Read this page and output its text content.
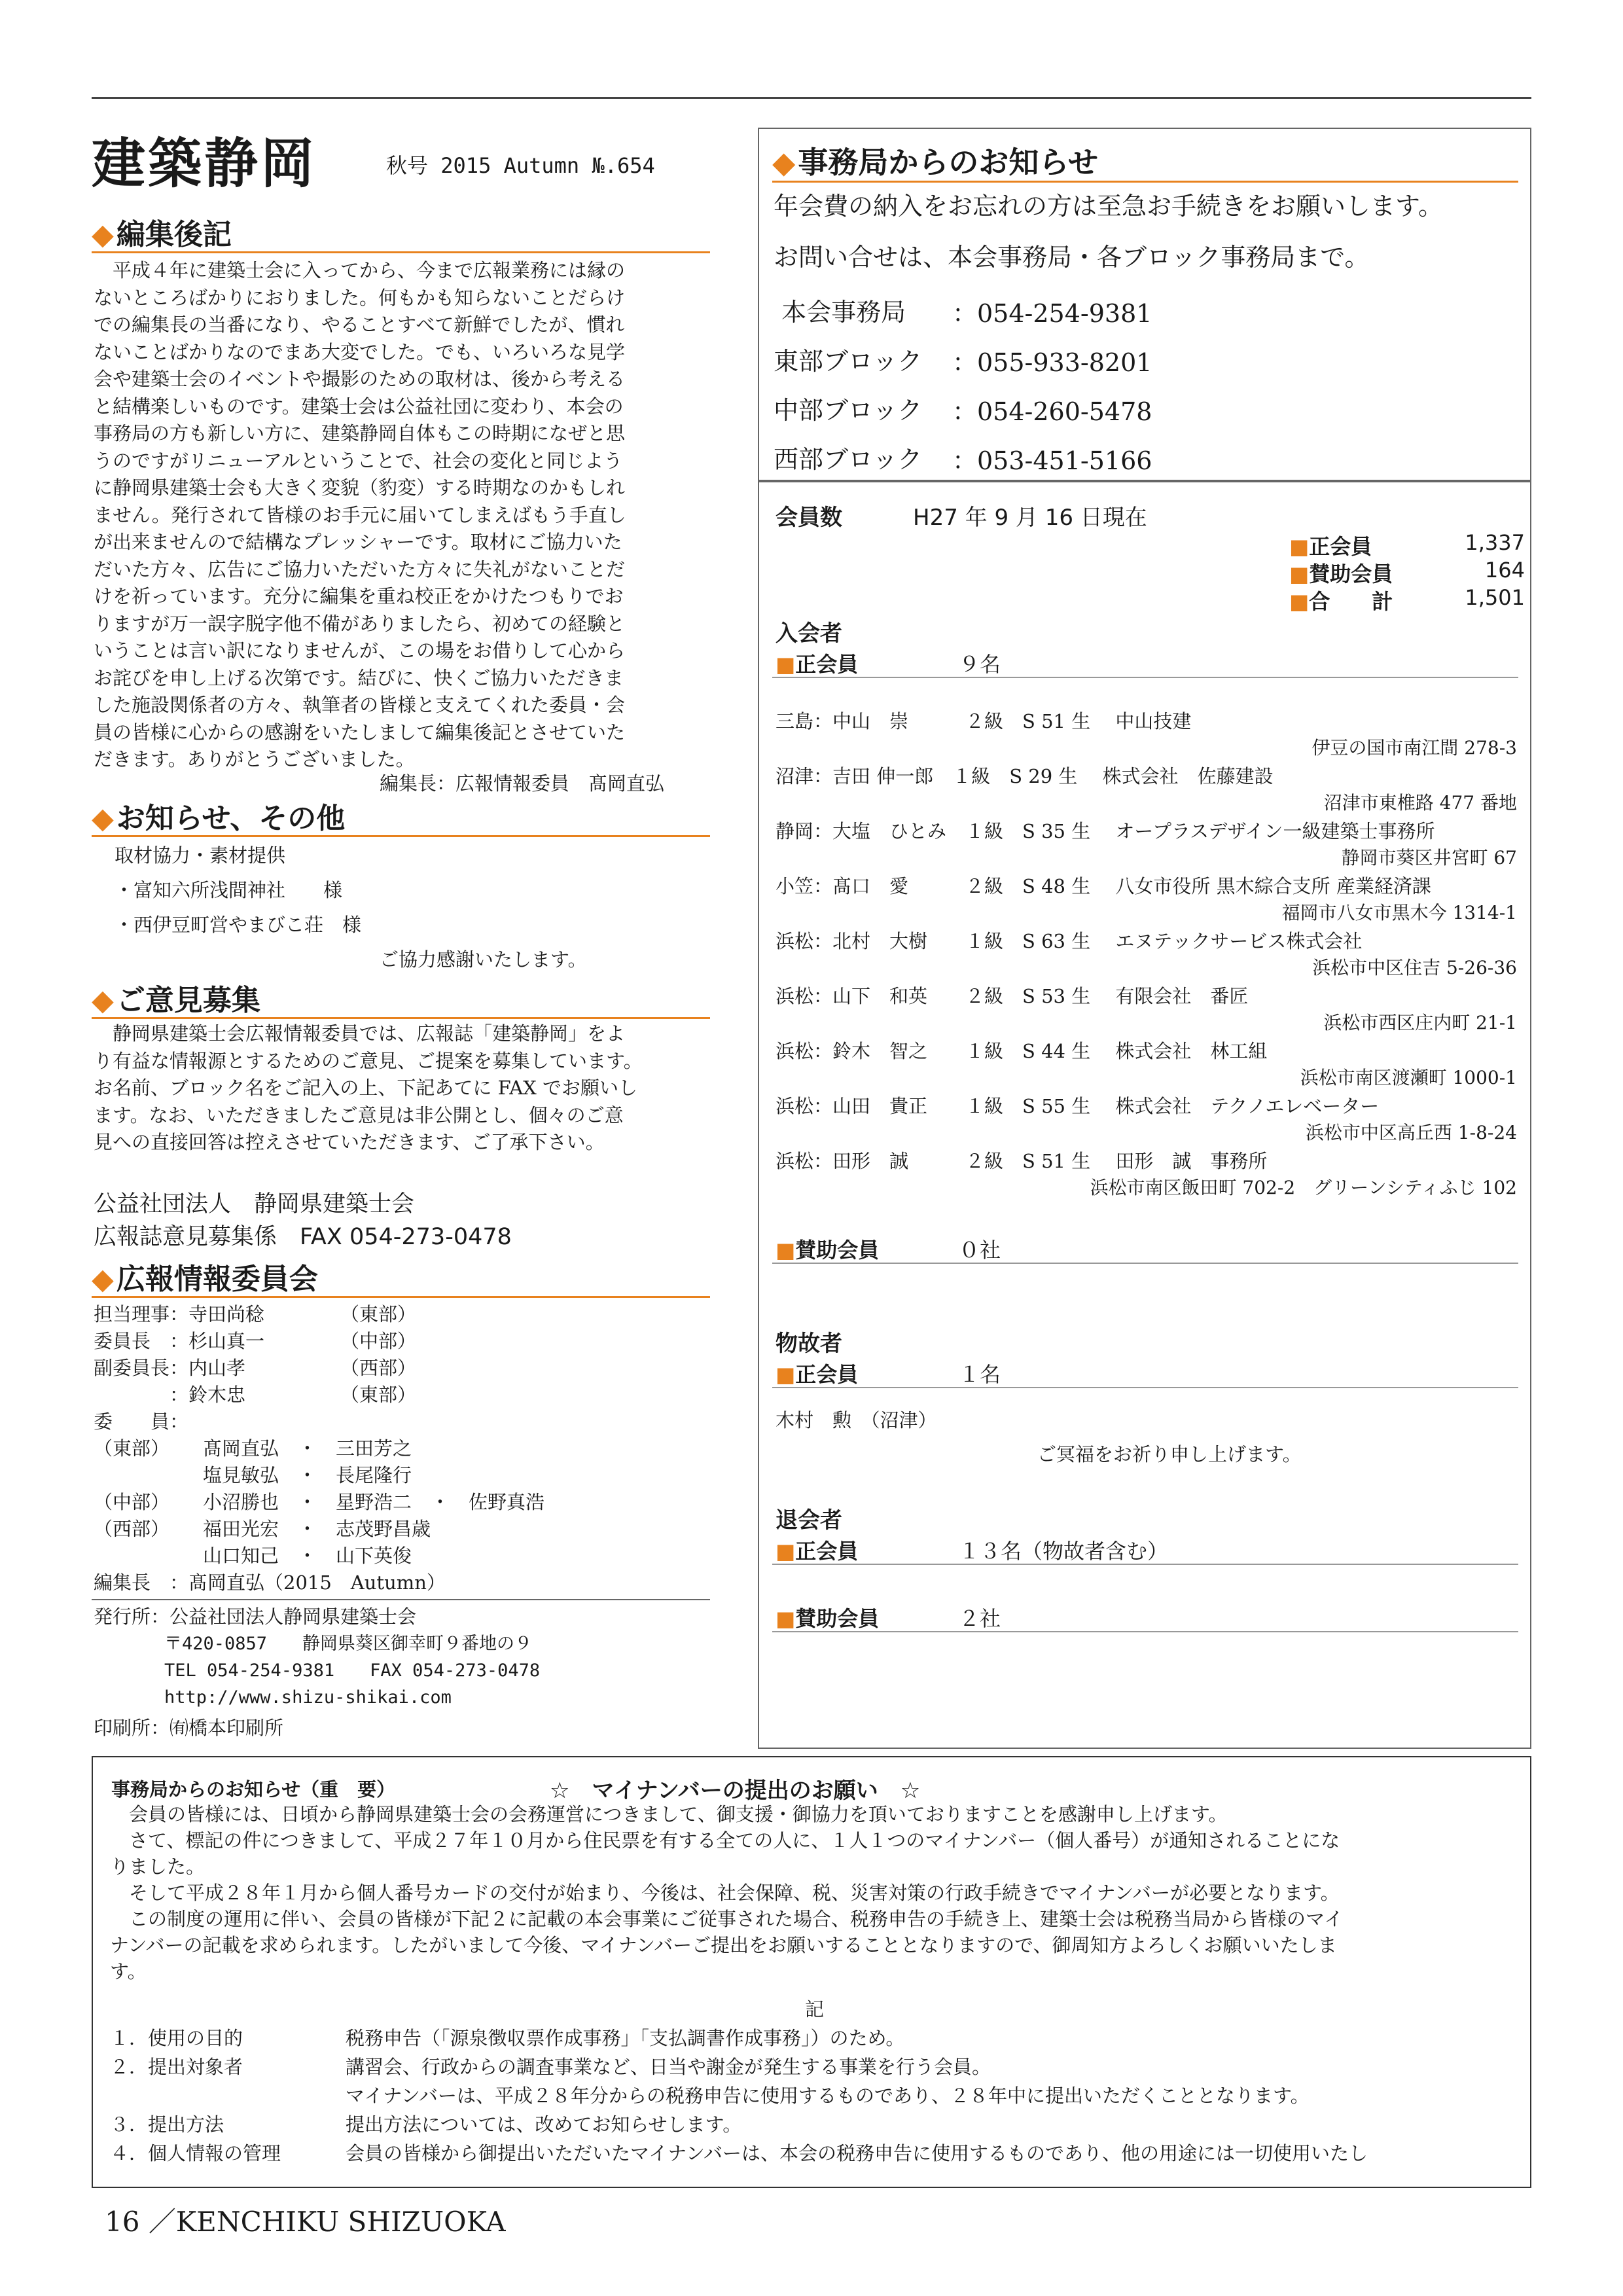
建築静岡	秋号 2015 Autumn №.654
◆編集後記
　平成４年に建築士会に入ってから、今まで広報業務には縁の
ないところばかりにおりました。何もかも知らないことだらけ
での編集長の当番になり、やることすべて新鮮でしたが、慣れ
ないことばかりなのでまあ大変でした。でも、いろいろな見学
会や建築士会のイベントや撮影のための取材は、後から考える
と結構楽しいものです。建築士会は公益社団に変わり、本会の
事務局の方も新しい方に、建築静岡自体もこの時期になぜと思
うのですがリニューアルということで、社会の変化と同じよう
に静岡県建築士会も大きく変貌（豹変）する時期なのかもしれ
ません。発行されて皆様のお手元に届いてしまえばもう手直し
が出来ませんので結構なプレッシャーです。取材にご協力いた
だいた方々、広告にご協力いただいた方々に失礼がないことだ
けを祈っています。充分に編集を重ね校正をかけたつもりでお
りますが万一誤字脱字他不備がありましたら、初めての経験と
いうことは言い訳になりませんが、この場をお借りして心から
お詫びを申し上げる次第です。結びに、快くご協力いただきま
した施設関係者の方々、執筆者の皆様と支えてくれた委員・会
員の皆様に心からの感謝をいたしまして編集後記とさせていた
だきます。ありがとうございました。
編集長：広報情報委員　髙岡直弘
◆お知らせ、その他
取材協力・素材提供
・富知六所浅間神社　　様
・西伊豆町営やまびこ荘　様
ご協力感謝いたします。
◆ご意見募集
　静岡県建築士会広報情報委員では、広報誌「建築静岡」をよ
り有益な情報源とするためのご意見、ご提案を募集しています。
お名前、ブロック名をご記入の上、下記あてに FAX でお願いし
ます。なお、いただきましたご意見は非公開とし、個々のご意
見への直接回答は控えさせていただきます、ご了承下さい。
公益社団法人　静岡県建築士会
広報誌意見募集係　FAX 054-273-0478
◆広報情報委員会
担当理事：寺田尚稔	（東部）
委員長　：杉山真一	（中部）
副委員長：内山孝	（西部）
　　　　：鈴木忠	（東部）
委　　員：
（東部） 髙岡直弘　・　三田芳之
塩見敏弘　・　長尾隆行
（中部） 小沼勝也　・　星野浩二　・　佐野真浩
（西部） 福田光宏　・　志茂野昌歳
山口知己　・　山下英俊
編集長　：髙岡直弘（2015　Autumn）
発行所：公益社団法人静岡県建築士会
　　　　〒420-0857　　静岡県葵区御幸町９番地の９
　　　　TEL 054-254-9381　　FAX 054-273-0478
　　　　http://www.shizu-shikai.com
印刷所：㈲橋本印刷所
◆事務局からのお知らせ
年会費の納入をお忘れの方は至急お手続きをお願いします。
お問い合せは、本会事務局・各ブロック事務局まで。
本会事務局　 ：054-254-9381
東部ブロック ：055-933-8201
中部ブロック ：054-260-5478
西部ブロック ：053-451-5166
会員数	H27 年 9 月 16 日現在
■正会員	1,337
■賛助会員	164
■合　　計	1,501
入会者
■正会員	９名
三島：中山　崇　　　２級　S 51 生　 中山技建
伊豆の国市南江間 278-3
沼津：吉田 伸一郎　１級　S 29 生　 株式会社　佐藤建設
沼津市東椎路 477 番地
静岡：大塩　ひとみ　１級　S 35 生　 オープラスデザイン一級建築士事務所
静岡市葵区井宮町 67
小笠：髙口　愛　　　２級　S 48 生　 八女市役所 黒木綜合支所 産業経済課
福岡市八女市黒木今 1314-1
浜松：北村　大樹　　１級　S 63 生　 エヌテックサービス株式会社
浜松市中区住吉 5-26-36
浜松：山下　和英　　２級　S 53 生　 有限会社　番匠
浜松市西区庄内町 21-1
浜松：鈴木　智之　　１級　S 44 生　 株式会社　林工組
浜松市南区渡瀬町 1000-1
浜松：山田　貴正　　１級　S 55 生　 株式会社　テクノエレベーター
浜松市中区高丘西 1-8-24
浜松：田形　誠　　　２級　S 51 生　 田形　誠　事務所
浜松市南区飯田町 702-2　グリーンシティふじ 102
■賛助会員	０社
物故者
■正会員	１名
木村　勲　（沼津）
ご冥福をお祈り申し上げます。
退会者
■正会員	１３名（物故者含む）
■賛助会員	２社
事務局からのお知らせ（重　要）	☆　マイナンバーの提出のお願い　☆
　会員の皆様には、日頃から静岡県建築士会の会務運営につきまして、御支援・御協力を頂いておりますことを感謝申し上げます。
　さて、標記の件につきまして、平成２７年１０月から住民票を有する全ての人に、１人１つのマイナンバー（個人番号）が通知されることにな
りました。
　そして平成２８年１月から個人番号カードの交付が始まり、今後は、社会保障、税、災害対策の行政手続きでマイナンバーが必要となります。
　この制度の運用に伴い、会員の皆様が下記２に記載の本会事業にご従事された場合、税務申告の手続き上、建築士会は税務当局から皆様のマイ
ナンバーの記載を求められます。したがいまして今後、マイナンバーご提出をお願いすることとなりますので、御周知方よろしくお願いいたしま
す。
記
１．使用の目的	税務申告（「源泉徴収票作成事務」「支払調書作成事務」）のため。
２．提出対象者	講習会、行政からの調査事業など、日当や謝金が発生する事業を行う会員。
マイナンバーは、平成２８年分からの税務申告に使用するものであり、２８年中に提出いただくこととなります。
３．提出方法	提出方法については、改めてお知らせします。
４．個人情報の管理	会員の皆様から御提出いただいたマイナンバーは、本会の税務申告に使用するものであり、他の用途には一切使用いたし
16 ／KENCHIKU SHIZUOKA
